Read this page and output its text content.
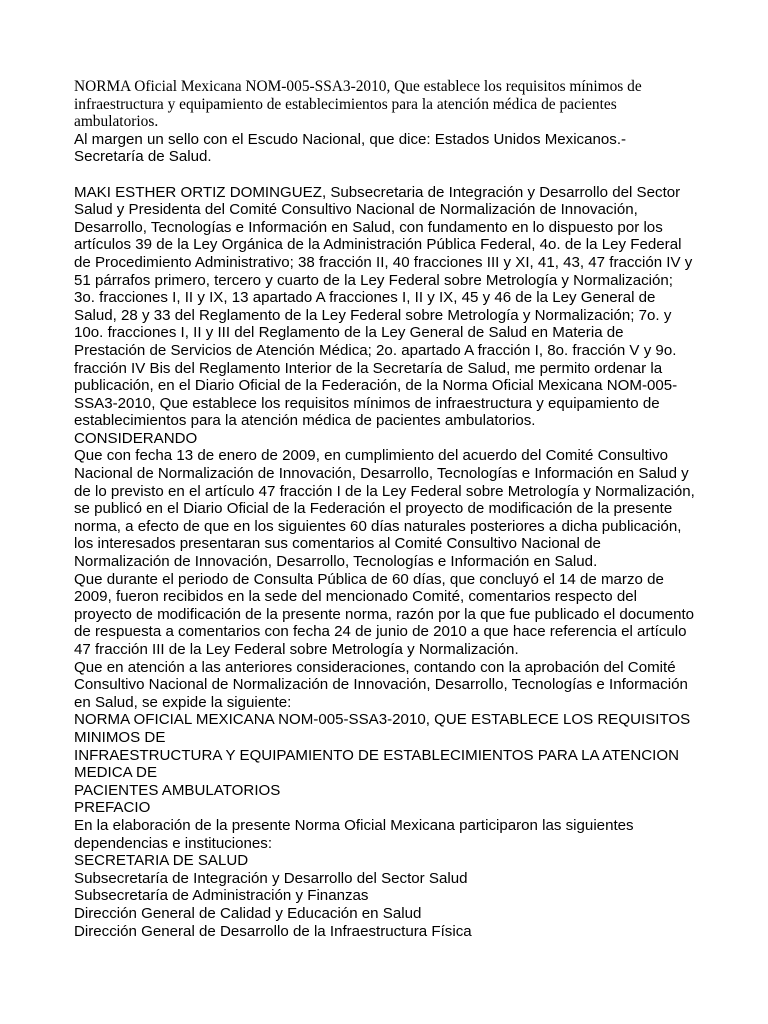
NORMA Oficial Mexicana NOM-005-SSA3-2010, Que establece los requisitos mínimos de infraestructura y equipamiento de establecimientos para la atención médica de pacientes ambulatorios.

Al margen un sello con el Escudo Nacional, que dice: Estados Unidos Mexicanos.- Secretaría de Salud.

MAKI ESTHER ORTIZ DOMINGUEZ, Subsecretaria de Integración y Desarrollo del Sector Salud y Presidenta del Comité Consultivo Nacional de Normalización de Innovación, Desarrollo, Tecnologías e Información en Salud, con fundamento en lo dispuesto por los artículos 39 de la Ley Orgánica de la Administración Pública Federal, 4o. de la Ley Federal de Procedimiento Administrativo; 38 fracción II, 40 fracciones III y XI, 41, 43, 47 fracción IV y 51 párrafos primero, tercero y cuarto de la Ley Federal sobre Metrología y Normalización; 3o. fracciones I, II y IX, 13 apartado A fracciones I, II y IX, 45 y 46 de la Ley General de Salud, 28 y 33 del Reglamento de la Ley Federal sobre Metrología y Normalización; 7o. y 10o. fracciones I, II y III del Reglamento de la Ley General de Salud en Materia de Prestación de Servicios de Atención Médica; 2o. apartado A fracción I, 8o. fracción V y 9o. fracción IV Bis del Reglamento Interior de la Secretaría de Salud, me permito ordenar la publicación, en el Diario Oficial de la Federación, de la Norma Oficial Mexicana NOM-005-SSA3-2010, Que establece los requisitos mínimos de infraestructura y equipamiento de establecimientos para la atención médica de pacientes ambulatorios.

CONSIDERANDO

Que con fecha 13 de enero de 2009, en cumplimiento del acuerdo del Comité Consultivo Nacional de Normalización de Innovación, Desarrollo, Tecnologías e Información en Salud y de lo previsto en el artículo 47 fracción I de la Ley Federal sobre Metrología y Normalización, se publicó en el Diario Oficial de la Federación el proyecto de modificación de la presente norma, a efecto de que en los siguientes 60 días naturales posteriores a dicha publicación, los interesados presentaran sus comentarios al Comité Consultivo Nacional de Normalización de Innovación, Desarrollo, Tecnologías e Información en Salud.

Que durante el periodo de Consulta Pública de 60 días, que concluyó el 14 de marzo de 2009, fueron recibidos en la sede del mencionado Comité, comentarios respecto del proyecto de modificación de la presente norma, razón por la que fue publicado el documento de respuesta a comentarios con fecha 24 de junio de 2010 a que hace referencia el artículo 47 fracción III de la Ley Federal sobre Metrología y Normalización.

Que en atención a las anteriores consideraciones, contando con la aprobación del Comité Consultivo Nacional de Normalización de Innovación, Desarrollo, Tecnologías e Información en Salud, se expide la siguiente:

NORMA OFICIAL MEXICANA NOM-005-SSA3-2010, QUE ESTABLECE LOS REQUISITOS MINIMOS DE

INFRAESTRUCTURA Y EQUIPAMIENTO DE ESTABLECIMIENTOS PARA LA ATENCION MEDICA DE

PACIENTES AMBULATORIOS

PREFACIO

En la elaboración de la presente Norma Oficial Mexicana participaron las siguientes dependencias e instituciones:

SECRETARIA DE SALUD

Subsecretaría de Integración y Desarrollo del Sector Salud

Subsecretaría de Administración y Finanzas

Dirección General de Calidad y Educación en Salud

Dirección General de Desarrollo de la Infraestructura Física
